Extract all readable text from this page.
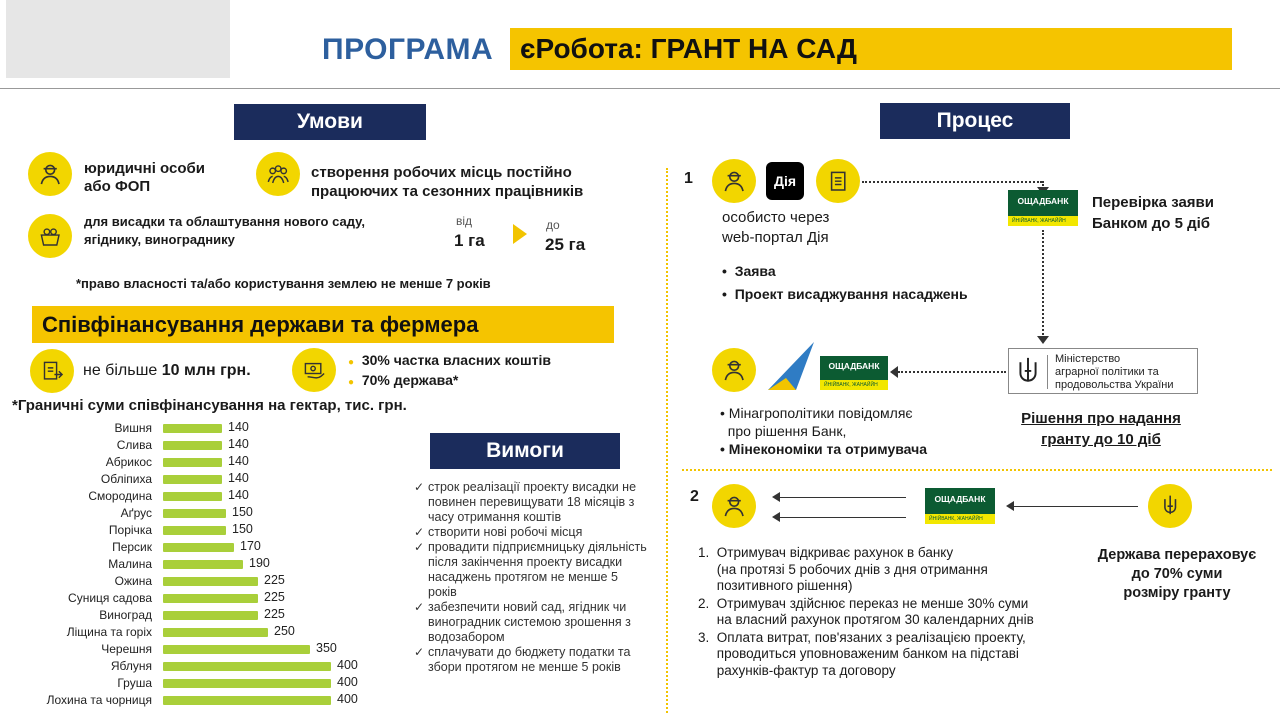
ПРОГРАМА єРобота: ГРАНТ НА САД
Умови
юридичні особи
або ФОП
створення робочих місць постійно
працюючих та сезонних працівників
для висадки та облаштування нового саду,
ягіднику, винограднику
від
1 га
до
25 га
*право власності та/або користування землею не менше 7 років
Співфінансування держави та фермера
не більше 10 млн грн.	● 30% частка власних коштів
● 70% держава*
*Граничні суми співфінансування на гектар, тис. грн.
Вишня	140
Слива	140
Абрикос	140
Обліпиха	140
Смородина	140
Аґрус	150
Порічка	150
Персик	170
Малина	190
Ожина	225
Суниця садова	225
Виноград	225
Ліщина та горіх	250
Черешня	350
Яблуня	400
Груша	400
Лохина та чорниця	400
Вимоги
✓ строк реалізації проекту висадки не повинен перевищувати 18 місяців з часу отримання коштів
✓ створити нові робочі місця
✓ провадити підприємницьку діяльність після закінчення проекту висадки насаджень протягом не менше 5 років
✓ забезпечити новий сад, ягідник чи виноградник системою зрошення з водозабором
✓ сплачувати до бюджету податки та збори протягом не менше 5 років
Процес
1	Дія
особисто через
web-портал Дія
•  Заява
•  Проект висаджування насаджень
ОЩАДБАНК
ЙНІЙВАНК, ЖАНАЙЙН
Перевірка заяви
Банком до 5 діб
Міністерство
аграрної політики та
продовольства України
Рішення про надання
гранту до 10 діб
ОЩАДБАНК
ЙНІЙВАНК, ЖАНАЙЙН
• Мінагрополітики повідомляє
про рішення Банк,
• Мінекономіки та отримувача
2	ОЩАДБАНК
ЙНІЙВАНК, ЖАНАЙЙН
1.  Отримувач відкриває рахунок в банку
(на протязі 5 робочих днів з дня отримання
позитивного рішення)
2.  Отримувач здійснює переказ не менше 30% суми
на власний рахунок протягом 30 календарних днів
3.  Оплата витрат, пов'язаних з реалізацією проекту,
проводиться уповноваженим банком на підставі
рахунків-фактур та договору
Держава перераховує
до 70% суми
розміру гранту
